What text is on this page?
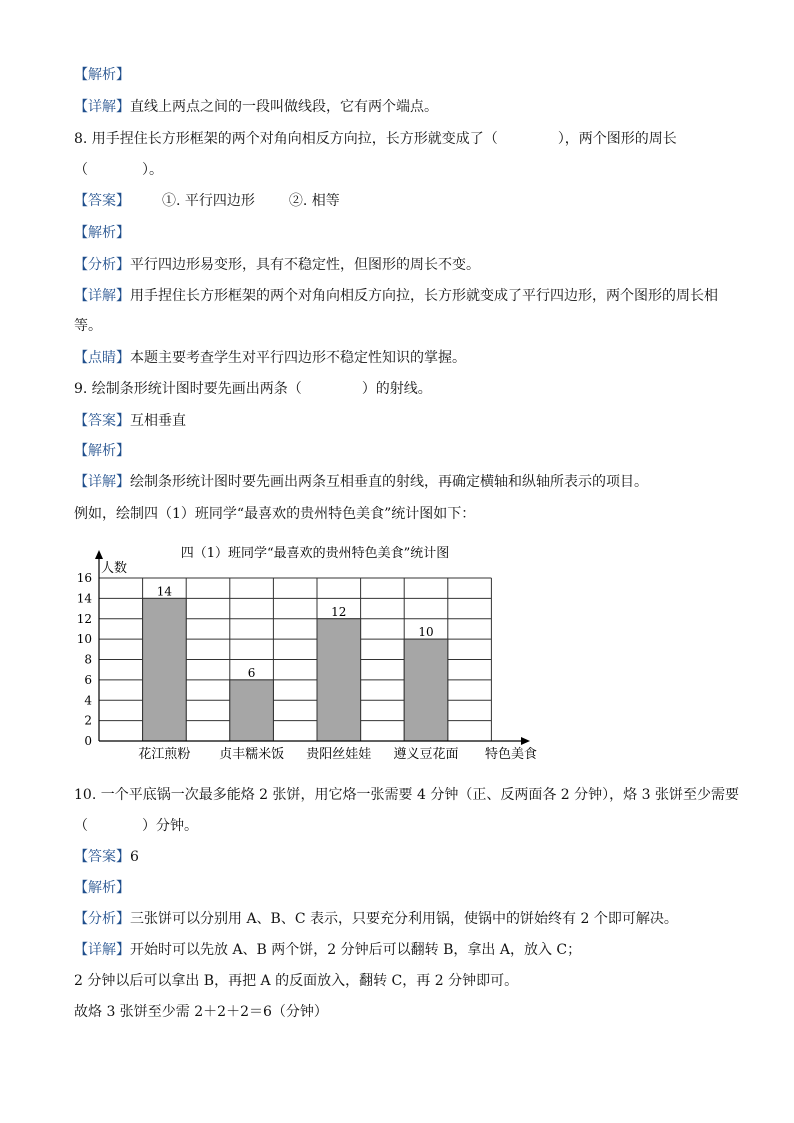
【解析】
【详解】直线上两点之间的一段叫做线段，它有两个端点。
8. 用手捏住长方形框架的两个对角向相反方向拉，长方形就变成了（	），两个图形的周长
（	）。
【答案】 ①. 平行四边形 ②. 相等
【解析】
【分析】平行四边形易变形，具有不稳定性，但图形的周长不变。
【详解】用手捏住长方形框架的两个对角向相反方向拉，长方形就变成了平行四边形，两个图形的周长相
等。
【点睛】本题主要考查学生对平行四边形不稳定性知识的掌握。
9. 绘制条形统计图时要先画出两条（	）的射线。
【答案】互相垂直
【解析】
【详解】绘制条形统计图时要先画出两条互相垂直的射线，再确定横轴和纵轴所表示的项目。
例如，绘制四（1）班同学“最喜欢的贵州特色美食”统计图如下：
四（1）班同学“最喜欢的贵州特色美食”统计图
14
花江煎粉
6
贞丰糯米饭
12
贵阳丝娃娃
10
遵义豆花面
0
2
4
6
8
10
12
14
16
人数
特色美食
10. 一个平底锅一次最多能烙 2 张饼，用它烙一张需要 4 分钟（正、反两面各 2 分钟），烙 3 张饼至少需要
（	）分钟。
【答案】6
【解析】
【分析】三张饼可以分别用 A、B、C 表示，只要充分利用锅，使锅中的饼始终有 2 个即可解决。
【详解】开始时可以先放 A、B 两个饼，2 分钟后可以翻转 B，拿出 A，放入 C；
2 分钟以后可以拿出 B，再把 A 的反面放入，翻转 C，再 2 分钟即可。
故烙 3 张饼至少需 2＋2＋2＝6（分钟）
